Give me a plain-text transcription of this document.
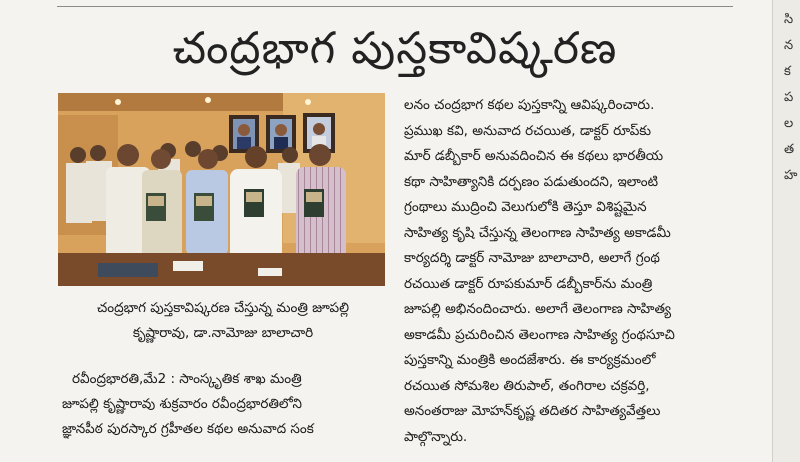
చంద్రభాగ పుస్తకావిష్కరణ
చంద్రభాగ పుస్తకావిష్కరణ చేస్తున్న మంత్రి జూపల్లి
కృష్ణారావు, డా.నామోజు బాలాచారి
రవీంద్రభారతి,మే2 : సాంస్కృతిక శాఖ మంత్రి
జూపల్లి కృష్ణారావు శుక్రవారం రవీంద్రభారతిలోని
జ్ఞానపీఠ పురస్కార గ్రహీతల కథల అనువాద సంక
లనం చంద్రభాగ కథల పుస్తకాన్ని ఆవిష్కరించారు.
ప్రముఖ కవి, అనువాద రచయిత, డాక్టర్ రూప్‌కు
మార్ డబ్బీకార్ అనువదించిన ఈ కథలు భారతీయ
కథా సాహిత్యానికి దర్పణం పడుతుందని, ఇలాంటి
గ్రంథాలు ముద్రించి వెలుగులోకి తెస్తూ విశిష్టమైన
సాహిత్య కృషి చేస్తున్న తెలంగాణ సాహిత్య అకాడమీ
కార్యదర్శి డాక్టర్ నామోజు బాలాచారి, అలాగే గ్రంథ
రచయిత డాక్టర్ రూపకుమార్ డబ్బీకార్‌ను మంత్రి
జూపల్లి అభినందించారు. అలాగే తెలంగాణ సాహిత్య
అకాడమీ ప్రచురించిన తెలంగాణ సాహిత్య గ్రంథసూచి
పుస్తకాన్ని మంత్రికి అందజేశారు. ఈ కార్యక్రమంలో
రచయిత సోమశిల తిరుపాల్, తంగిరాల చక్రవర్తి,
అనంతరాజు మోహన్‌కృష్ణ తదితర సాహిత్యవేత్తలు
పాల్గొన్నారు.
సి
న
క
ప
ల
త
హ
